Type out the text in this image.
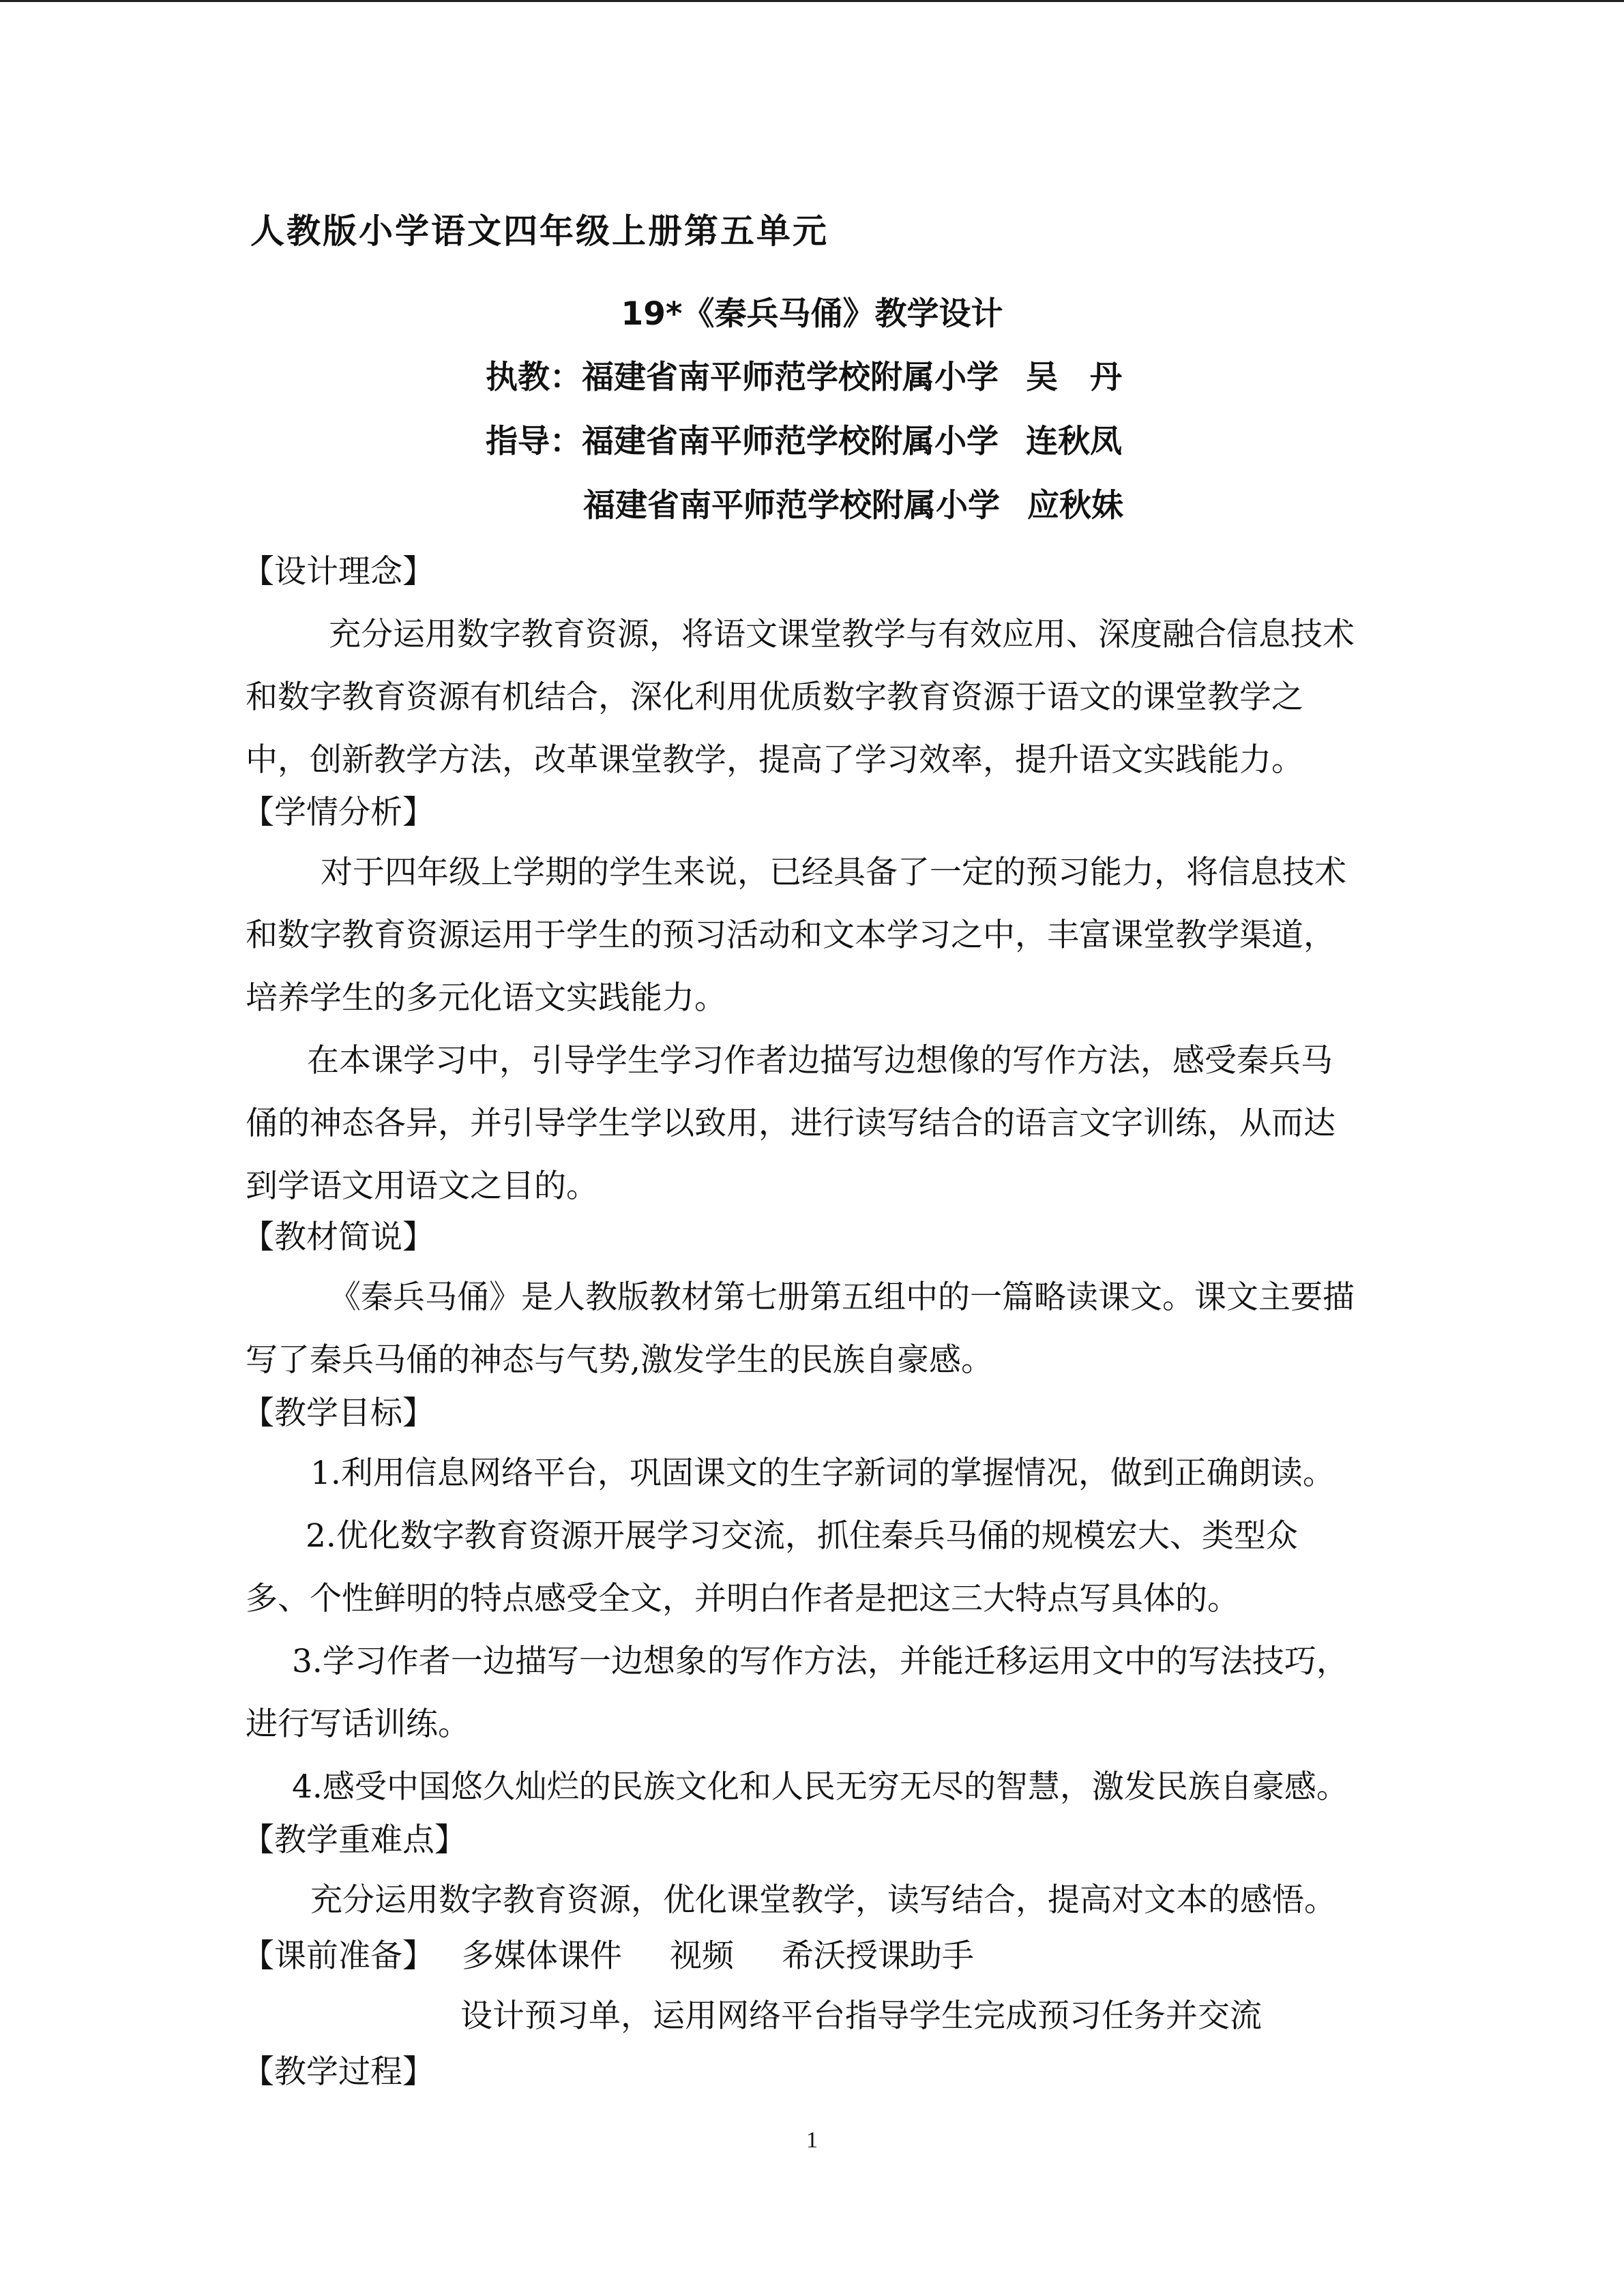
人教版小学语文四年级上册第五单元
19*《秦兵马俑》教学设计
执教：福建省南平师范学校附属小学 吴　丹
指导：福建省南平师范学校附属小学 连秋凤
福建省南平师范学校附属小学 应秋妹
【设计理念】
充分运用数字教育资源，将语文课堂教学与有效应用、深度融合信息技术
和数字教育资源有机结合，深化利用优质数字教育资源于语文的课堂教学之
中，创新教学方法，改革课堂教学，提高了学习效率，提升语文实践能力。
【学情分析】
对于四年级上学期的学生来说，已经具备了一定的预习能力，将信息技术
和数字教育资源运用于学生的预习活动和文本学习之中，丰富课堂教学渠道，
培养学生的多元化语文实践能力。
在本课学习中，引导学生学习作者边描写边想像的写作方法，感受秦兵马
俑的神态各异，并引导学生学以致用，进行读写结合的语言文字训练，从而达
到学语文用语文之目的。
【教材简说】
《秦兵马俑》是人教版教材第七册第五组中的一篇略读课文。课文主要描
写了秦兵马俑的神态与气势,激发学生的民族自豪感。
【教学目标】
1.利用信息网络平台，巩固课文的生字新词的掌握情况，做到正确朗读。
2.优化数字教育资源开展学习交流，抓住秦兵马俑的规模宏大、类型众
多、个性鲜明的特点感受全文，并明白作者是把这三大特点写具体的。
3.学习作者一边描写一边想象的写作方法，并能迁移运用文中的写法技巧，
进行写话训练。
4.感受中国悠久灿烂的民族文化和人民无穷无尽的智慧，激发民族自豪感。
【教学重难点】
充分运用数字教育资源，优化课堂教学，读写结合，提高对文本的感悟。
【课前准备】 多媒体课件 视频 希沃授课助手
设计预习单，运用网络平台指导学生完成预习任务并交流
【教学过程】
1
